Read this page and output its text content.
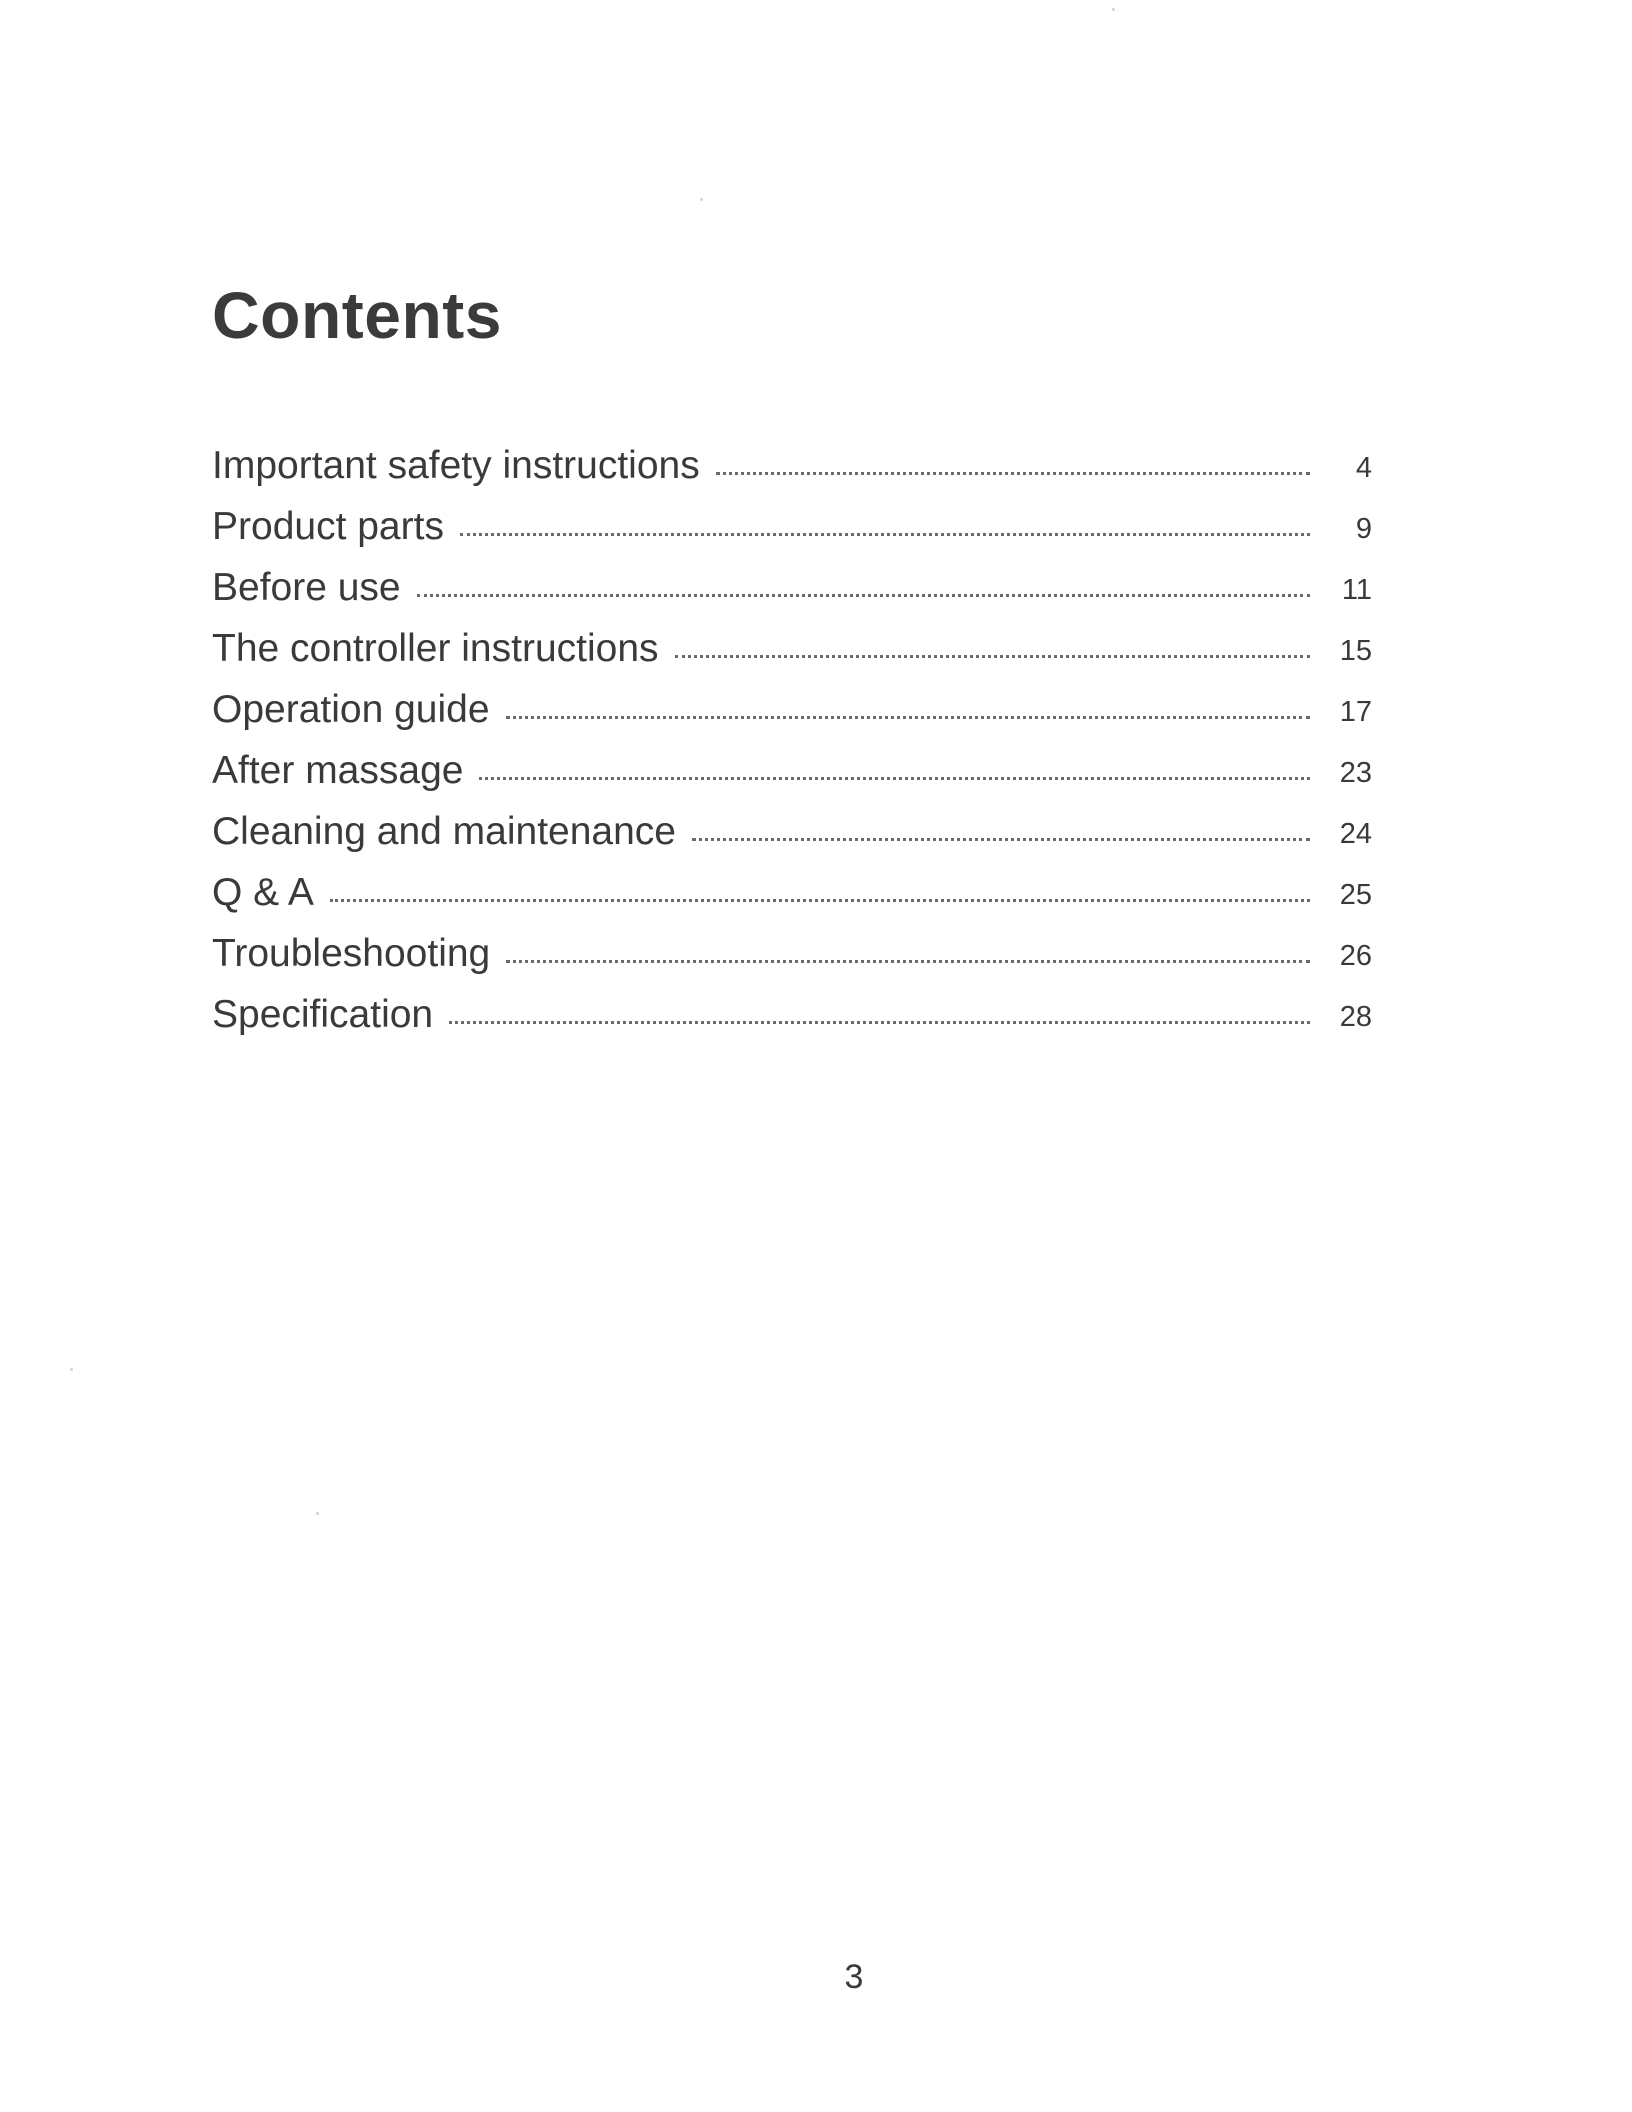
Contents
Important safety instructions	4
Product parts	9
Before use	11
The controller instructions	15
Operation guide	17
After massage	23
Cleaning and maintenance	24
Q & A	25
Troubleshooting	26
Specification	28
3
